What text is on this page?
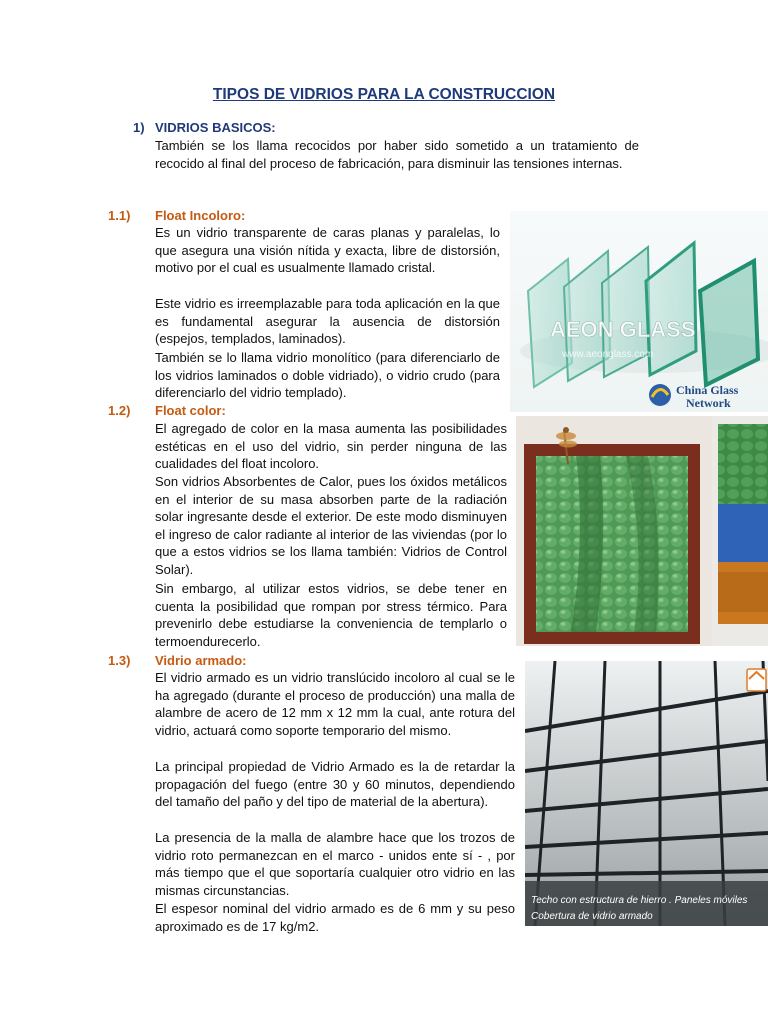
TIPOS DE VIDRIOS PARA LA CONSTRUCCION
1) VIDRIOS BASICOS:

También se los llama recocidos por haber sido sometido a un tratamiento de recocido al final del proceso de fabricación, para disminuir las tensiones internas.

1.1) Float Incoloro:

Es un vidrio transparente de caras planas y paralelas, lo que asegura una visión nítida y exacta, libre de distorsión, motivo por el cual es usualmente llamado cristal.

Este vidrio es irreemplazable para toda aplicación en la que es fundamental asegurar la ausencia de distorsión (espejos, templados, laminados).

También se lo llama vidrio monolítico (para diferenciarlo de los vidrios laminados o doble vidriado), o vidrio crudo (para diferenciarlo del vidrio templado).

AEON GLASS
www.aeonglass.com
China Glass
Network
1.2) Float color:

El agregado de color en la masa aumenta las posibilidades estéticas en el uso del vidrio, sin perder ninguna de las cualidades del float incoloro.

Son vidrios Absorbentes de Calor, pues los óxidos metálicos en el interior de su masa absorben parte de la radiación solar ingresante desde el exterior. De este modo disminuyen el ingreso de calor radiante al interior de las viviendas (por lo que a estos vidrios se los llama también: Vidrios de Control Solar).

Sin embargo, al utilizar estos vidrios, se debe tener en cuenta la posibilidad que rompan por stress térmico. Para prevenirlo debe estudiarse la conveniencia de templarlo o termoendurecerlo.

1.3) Vidrio armado:

El vidrio armado es un vidrio translúcido incoloro al cual se le ha agregado (durante el proceso de producción) una malla de alambre de acero de 12 mm x 12 mm la cual, ante rotura del vidrio, actuará como soporte temporario del mismo.

La principal propiedad de Vidrio Armado es la de retardar la propagación del fuego (entre 30 y 60 minutos, dependiendo del tamaño del paño y del tipo de material de la abertura).

La presencia de la malla de alambre hace que los trozos de vidrio roto permanezcan en el marco - unidos ente sí - , por más tiempo que el que soportaría cualquier otro vidrio en las mismas circunstancias.

El espesor nominal del vidrio armado es de 6 mm y su peso aproximado es de 17 kg/m2.

Techo con estructura de hierro . Paneles móviles
Cobertura de vidrio armado
